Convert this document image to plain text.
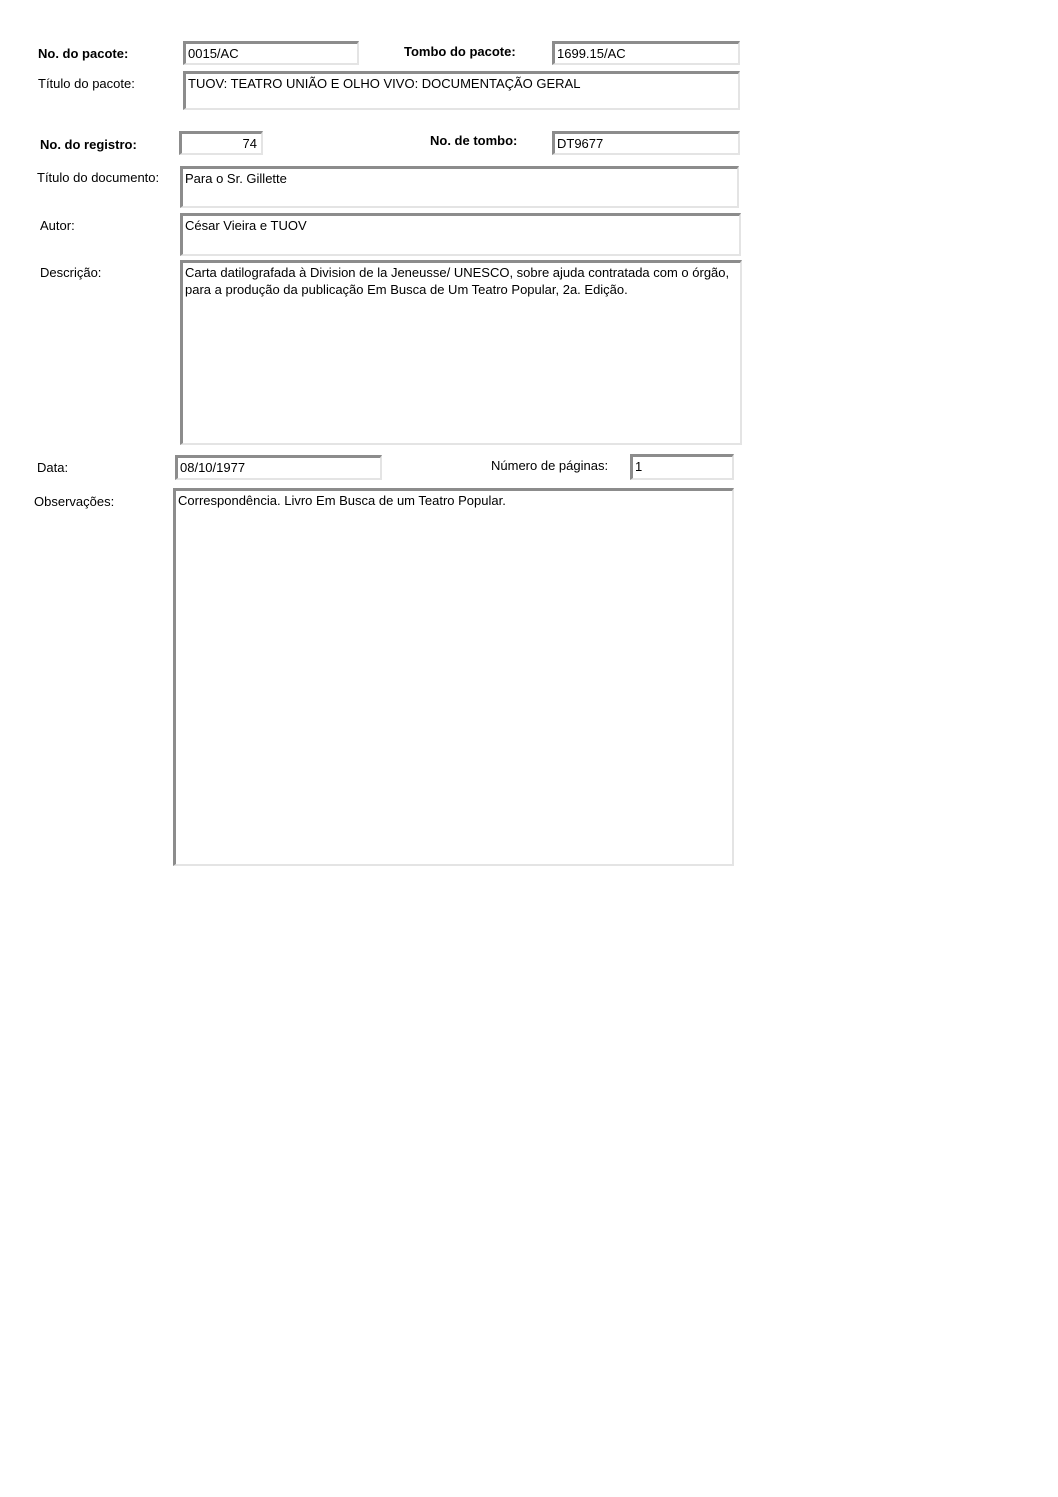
No. do pacote:	0015/AC	Tombo do pacote:	1699.15/AC
Título do pacote:	TUOV: TEATRO UNIÃO E OLHO VIVO: DOCUMENTAÇÃO GERAL
No. do registro:	74	No. de tombo:	DT9677
Título do documento:	Para o Sr. Gillette
Autor:	César Vieira e TUOV
Descrição:	Carta datilografada à Division de la Jeneusse/ UNESCO, sobre ajuda contratada com o órgão, para a produção da publicação Em Busca de Um Teatro Popular, 2a. Edição.
Data:	08/10/1977	Número de páginas:	1
Observações:	Correspondência. Livro Em Busca de um Teatro Popular.
